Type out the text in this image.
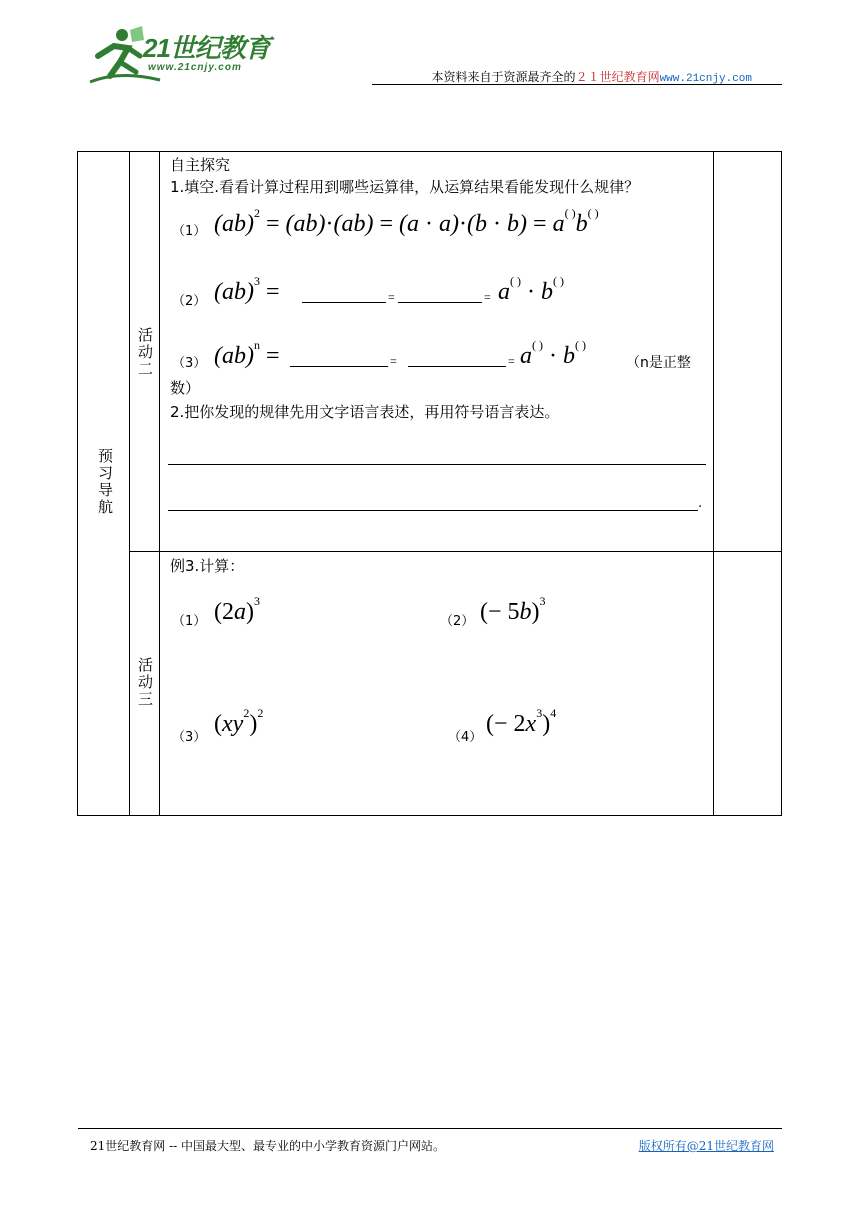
21世纪教育
www.21cnjy.com
本资料来自于资源最齐全的２１世纪教育网www.21cnjy.com
预习导航
活动二
活动三
自主探究
1.填空.看看计算过程用到哪些运算律，从运算结果看能发现什么规律？
（1） (ab)$^2$ = (ab)·(ab) = (a · a)·(b · b) = a( )b( )
（2） (ab)$^3$ =	=	= a( ) · b( )
（3） (ab)$^n$ =	=	= a( ) · b( )
（n是正整
数）
2.把你发现的规律先用文字语言表述，再用符号语言表达。
.
例3.计算：
（1） $(2a)^3$
（2） (− 5b)$^3$
（3）
$(xy^2)^2$
（4）
(− $2x^3)^4$
21世纪教育网 -- 中国最大型、最专业的中小学教育资源门户网站。	版权所有@21世纪教育网
